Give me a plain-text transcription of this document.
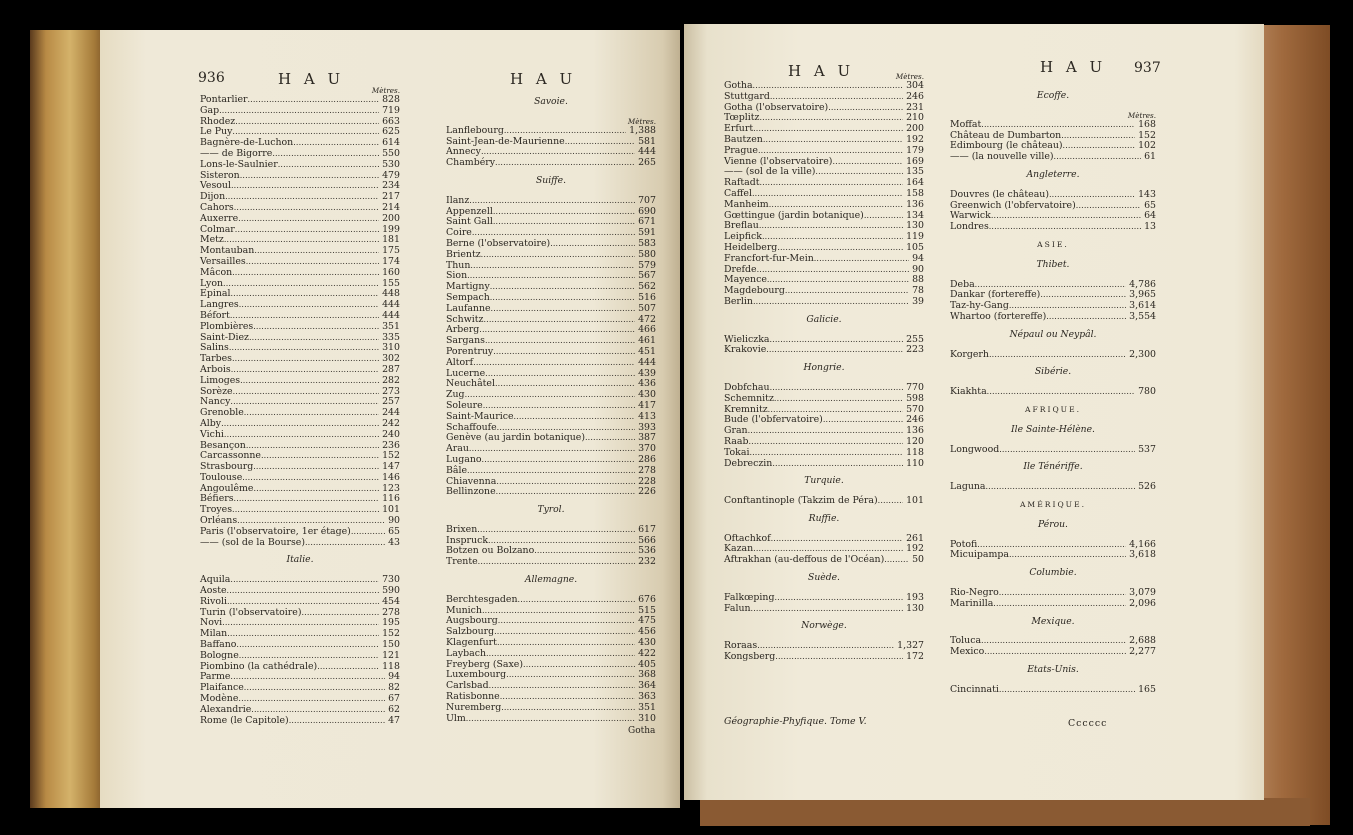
936	H A U	H A U
Mètres.
Pontarlier . . .	828
Gap . . .	719
Rhodez . . .	663
Le Puy . . .	625
Bagnère-de-Luchon . . .	614
—— de Bigorre . . .	550
Lons-le-Saulnier . . .	530
Sisteron . . .	479
Vesoul . . .	234
Dijon . . .	217
Cahors . . .	214
Auxerre . . .	200
Colmar . . .	199
Metz . . .	181
Montauban . . .	175
Versailles . . .	174
Mâcon . . .	160
Lyon . . .	155
Epinal . . .	448
Langres . . .	444
Béfort . . .	444
Plombières . . .	351
Saint-Diez . . .	335
Salins . . .	310
Tarbes . . .	302
Arbois . . .	287
Limoges . . .	282
Sorèze . . .	273
Nancy . . .	257
Grenoble . . .	244
Alby . . .	242
Vichi . . .	240
Besançon . . .	236
Carcassonne . . .	152
Strasbourg . . .	147
Toulouse . . .	146
Angoulême . . .	123
Béfiers . . .	116
Troyes . . .	101
Orléans . . .	90
Paris (l'observatoire, 1er étage) . . .	65
—— (sol de la Bourse) . . .	43
Italie.
Aquila . . .	730
Aoste . . .	590
Rivoli . . .	454
Turin (l'observatoire) . . .	278
Novi . . .	195
Milan . . .	152
Baffano . . .	150
Bologne . . .	121
Piombino (la cathédrale) . . .	118
Parme . . .	94
Plaifance . . .	82
Modène . . .	67
Alexandrie . . .	62
Rome (le Capitole) . . .	47
Savoie.
Mètres.
Lanflebourg . . .	1,388
Saint-Jean-de-Maurienne . . .	581
Annecy . . .	444
Chambéry . . .	265
Suiffe.
Ilanz . . .	707
Appenzell . . .	690
Saint Gall . . .	671
Coire . . .	591
Berne (l'observatoire) . . .	583
Brientz . . .	580
Thun . . .	579
Sion . . .	567
Martigny . . .	562
Sempach . . .	516
Laufanne . . .	507
Schwitz . . .	472
Arberg . . .	466
Sargans . . .	461
Porentruy . . .	451
Altorf . . .	444
Lucerne . . .	439
Neuchâtel . . .	436
Zug . . .	430
Soleure . . .	417
Saint-Maurice . . .	413
Schaffoufe . . .	393
Genève (au jardin botanique) . . .	387
Arau . . .	370
Lugano . . .	286
Bâle . . .	278
Chiavenna . . .	228
Bellinzone . . .	226
Tyrol.
Brixen . . .	617
Inspruck . . .	566
Botzen ou Bolzano . . .	536
Trente . . .	232
Allemagne.
Berchtesgaden . . .	676
Munich . . .	515
Augsbourg . . .	475
Salzbourg . . .	456
Klagenfurt . . .	430
Laybach . . .	422
Freyberg (Saxe) . . .	405
Luxembourg . . .	368
Carlsbad . . .	364
Ratisbonne . . .	363
Nuremberg . . .	351
Ulm . . .	310
Gotha
H A U	H A U 937
Mètres.
Gotha . . .	304
Stuttgard . . .	246
Gotha (l'observatoire) . . .	231
Tœplitz . . .	210
Erfurt . . .	200
Bautzen . . .	192
Prague . . .	179
Vienne (l'observatoire) . . .	169
—— (sol de la ville) . . .	135
Raftadt . . .	164
Caffel . . .	158
Manheim . . .	136
Gœttingue (jardin botanique) . . .	134
Breflau . . .	130
Leipfick . . .	119
Heidelberg . . .	105
Francfort-fur-Mein . . .	94
Drefde . . .	90
Mayence . . .	88
Magdebourg . . .	78
Berlin . . .	39
Galicie.
Wieliczka . . .	255
Krakovie . . .	223
Hongrie.
Dobfchau . . .	770
Schemnitz . . .	598
Kremnitz . . .	570
Bude (l'obfervatoire) . . .	246
Gran . . .	136
Raab . . .	120
Tokai . . .	118
Debreczin . . .	110
Turquie.
Conftantinople (Takzim de Péra) . . .	101
Ruffie.
Oftachkof . . .	261
Kazan . . .	192
Aftrakhan (au-deffous de l'Océan) . . .	50
Suède.
Falkœping . . .	193
Falun . . .	130
Norwège.
Roraas . . .	1,327
Kongsberg . . .	172
Ecoffe.
Mètres.
Moffat . . .	168
Château de Dumbarton . . .	152
Edimbourg (le château) . . .	102
—— (la nouvelle ville) . . .	61
Angleterre.
Douvres (le château) . . .	143
Greenwich (l'obfervatoire) . . .	65
Warwick . . .	64
Londres . . .	13
ASIE.
Thibet.
Deba . . .	4,786
Dankar (fortereffe) . . .	3,965
Taz-hy-Gang . . .	3,614
Whartoo (fortereffe) . . .	3,554
Népaul ou Neypâl.
Korgerh . . .	2,300
Sibérie.
Kiakhta . . .	780
AFRIQUE.
Ile Sainte-Hélène.
Longwood . . .	537
Ile Ténériffe.
Laguna . . .	526
AMÉRIQUE.
Pérou.
Potofi . . .	4,166
Micuipampa . . .	3,618
Columbie.
Rio-Negro . . .	3,079
Marinilla . . .	2,096
Mexique.
Toluca . . .	2,688
Mexico . . .	2,277
Etats-Unis.
Cincinnati . . .	165
Géographie-Phyfique. Tome V.	Cccccc
